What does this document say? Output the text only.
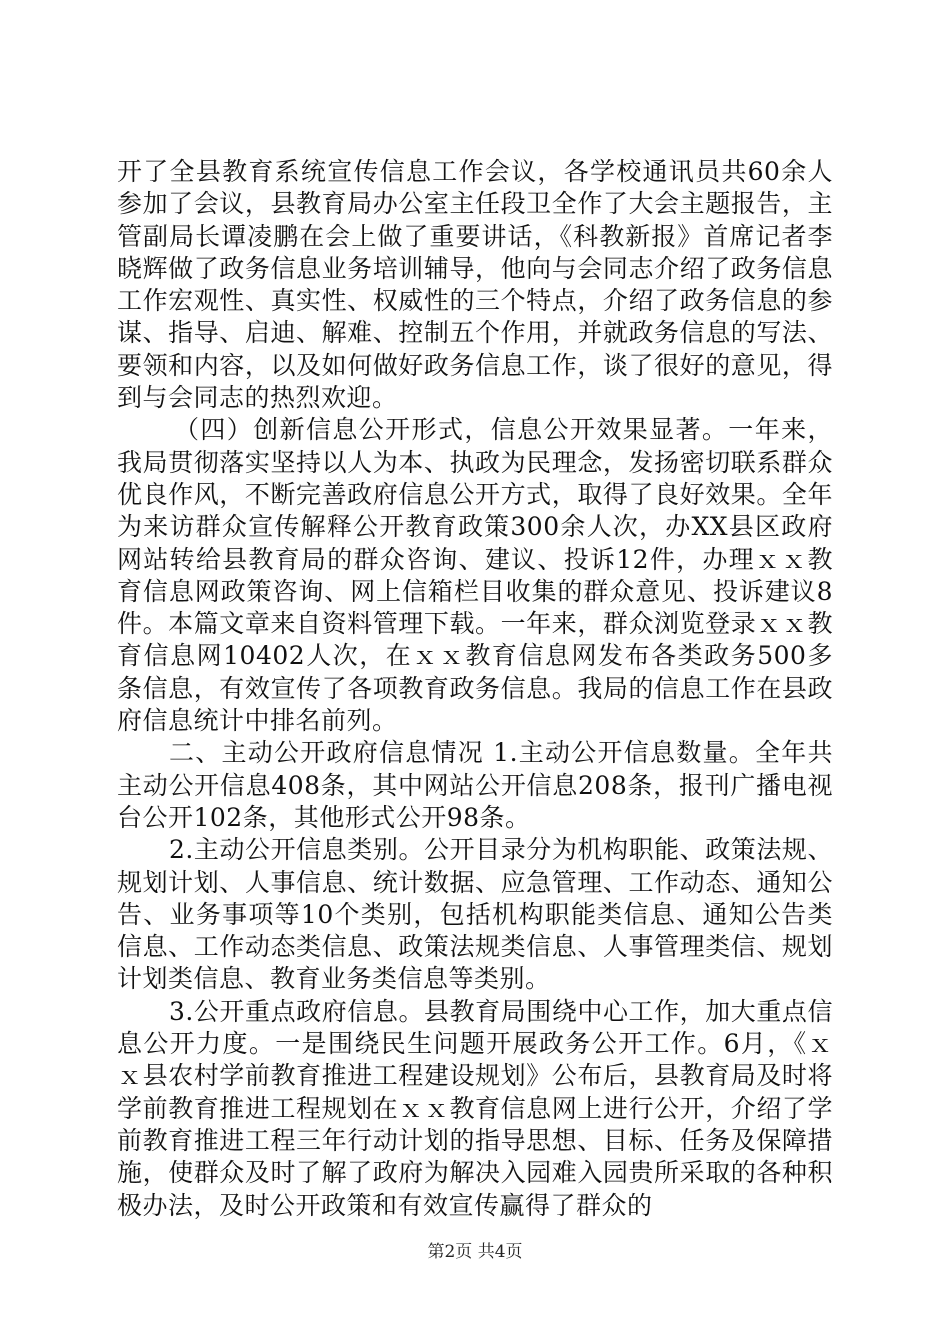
开了全县教育系统宣传信息工作会议，各学校通讯员共60余人参加了会议，县教育局办公室主任段卫全作了大会主题报告，主管副局长谭凌鹏在会上做了重要讲话，《科教新报》首席记者李晓辉做了政务信息业务培训辅导，他向与会同志介绍了政务信息工作宏观性、真实性、权威性的三个特点，介绍了政务信息的参谋、指导、启迪、解难、控制五个作用，并就政务信息的写法、要领和内容，以及如何做好政务信息工作，谈了很好的意见，得到与会同志的热烈欢迎。

（四）创新信息公开形式，信息公开效果显著。一年来，我局贯彻落实坚持以人为本、执政为民理念，发扬密切联系群众优良作风，不断完善政府信息公开方式，取得了良好效果。全年为来访群众宣传解释公开教育政策300余人次，办XX县区政府网站转给县教育局的群众咨询、建议、投诉12件，办理ｘｘ教育信息网政策咨询、网上信箱栏目收集的群众意见、投诉建议8件。本篇文章来自资料管理下载。一年来，群众浏览登录ｘｘ教育信息网10402人次，在ｘｘ教育信息网发布各类政务500多条信息，有效宣传了各项教育政务信息。我局的信息工作在县政府信息统计中排名前列。

二、主动公开政府信息情况 1.主动公开信息数量。全年共主动公开信息408条，其中网站公开信息208条，报刊广播电视台公开102条，其他形式公开98条。

2.主动公开信息类别。公开目录分为机构职能、政策法规、规划计划、人事信息、统计数据、应急管理、工作动态、通知公告、业务事项等10个类别，包括机构职能类信息、通知公告类信息、工作动态类信息、政策法规类信息、人事管理类信、规划计划类信息、教育业务类信息等类别。

3.公开重点政府信息。县教育局围绕中心工作，加大重点信息公开力度。一是围绕民生问题开展政务公开工作。6月，《ｘｘ县农村学前教育推进工程建设规划》公布后，县教育局及时将学前教育推进工程规划在ｘｘ教育信息网上进行公开，介绍了学前教育推进工程三年行动计划的指导思想、目标、任务及保障措施，使群众及时了解了政府为解决入园难入园贵所采取的各种积极办法，及时公开政策和有效宣传赢得了群众的

第2页 共4页
